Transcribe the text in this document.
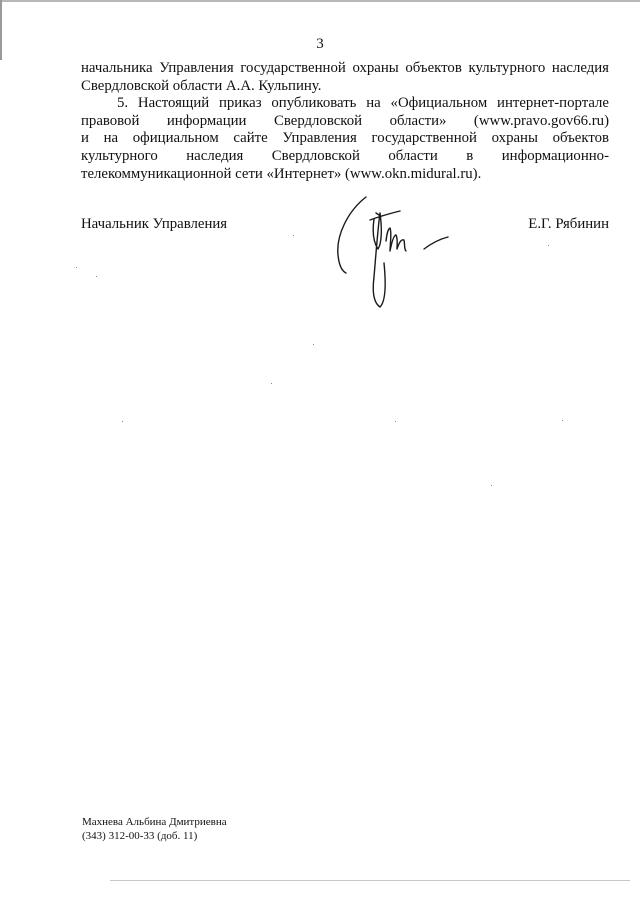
3
начальника Управления государственной охраны объектов культурного наследия
Свердловской области А.А. Кульпину.
5. Настоящий приказ опубликовать на «Официальном интернет-портале
правовой информации Свердловской области» (www.pravo.gov66.ru)
и на официальном сайте Управления государственной охраны объектов
культурного наследия Свердловской области в информационно-
телекоммуникационной сети «Интернет» (www.okn.midural.ru).
Начальник Управления	Е.Г. Рябинин
Махнева Альбина Дмитриевна
(343) 312-00-33 (доб. 11)
